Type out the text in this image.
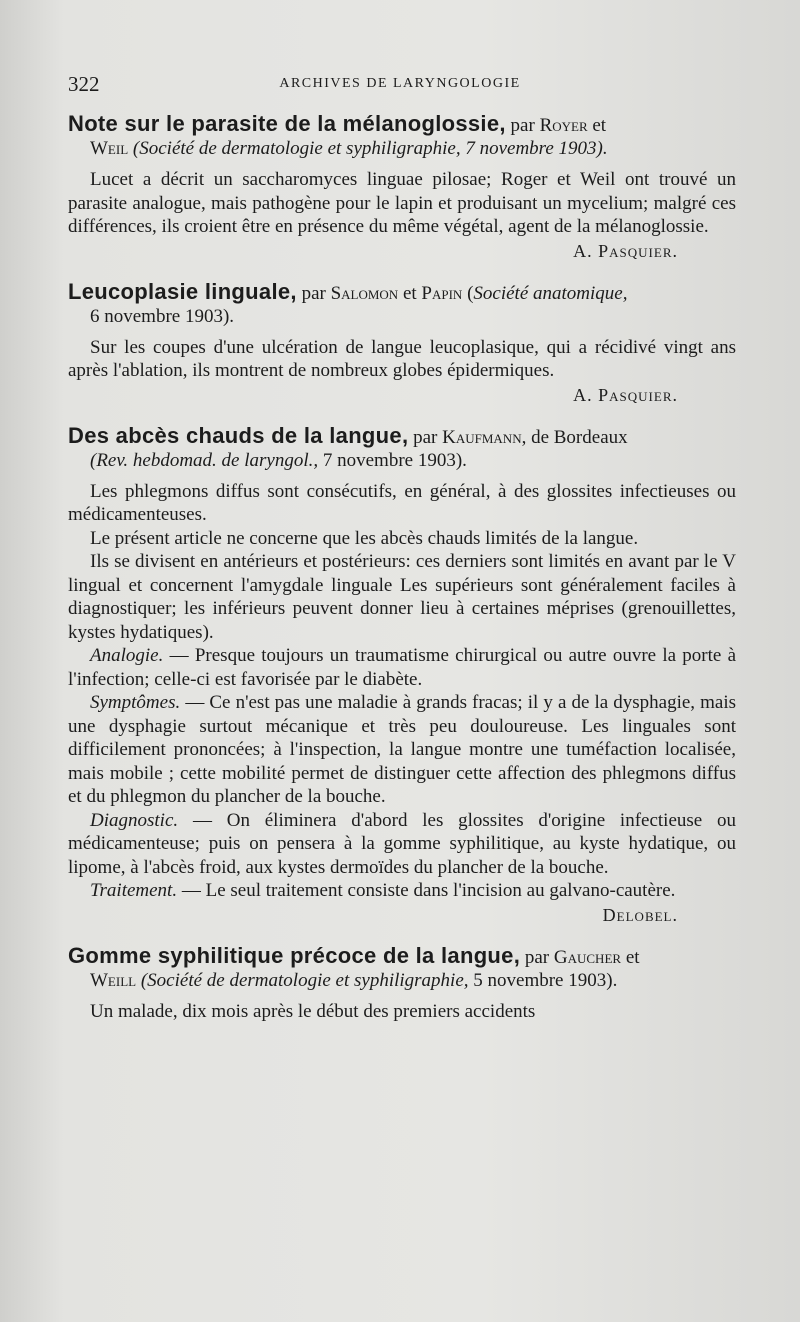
322	ARCHIVES DE LARYNGOLOGIE

Note sur le parasite de la mélanoglossie, par Royer et

Weil (Société de dermatologie et syphiligraphie, 7 novembre 1903).

Lucet a décrit un saccharomyces linguae pilosae; Roger et Weil ont trouvé un parasite analogue, mais pathogène pour le lapin et produisant un mycelium; malgré ces différences, ils croient être en présence du même végétal, agent de la mélanoglossie.

A. Pasquier.

Leucoplasie linguale, par Salomon et Papin (Société anatomique,

6 novembre 1903).

Sur les coupes d'une ulcération de langue leucoplasique, qui a récidivé vingt ans après l'ablation, ils montrent de nombreux globes épidermiques.

A. Pasquier.

Des abcès chauds de la langue, par Kaufmann, de Bordeaux

(Rev. hebdomad. de laryngol., 7 novembre 1903).

Les phlegmons diffus sont consécutifs, en général, à des glossites infectieuses ou médicamenteuses.

Le présent article ne concerne que les abcès chauds limités de la langue.

Ils se divisent en antérieurs et postérieurs: ces derniers sont limités en avant par le V lingual et concernent l'amygdale linguale Les supérieurs sont généralement faciles à diagnostiquer; les inférieurs peuvent donner lieu à certaines méprises (grenouillettes, kystes hydatiques).

Analogie. — Presque toujours un traumatisme chirurgical ou autre ouvre la porte à l'infection; celle-ci est favorisée par le diabète.

Symptômes. — Ce n'est pas une maladie à grands fracas; il y a de la dysphagie, mais une dysphagie surtout mécanique et très peu douloureuse. Les linguales sont difficilement prononcées; à l'inspection, la langue montre une tuméfaction localisée, mais mobile ; cette mobilité permet de distinguer cette affection des phlegmons diffus et du phlegmon du plancher de la bouche.

Diagnostic. — On éliminera d'abord les glossites d'origine infectieuse ou médicamenteuse; puis on pensera à la gomme syphilitique, au kyste hydatique, ou lipome, à l'abcès froid, aux kystes dermoïdes du plancher de la bouche.

Traitement. — Le seul traitement consiste dans l'incision au galvano-cautère.

Delobel.

Gomme syphilitique précoce de la langue, par Gaucher et

Weill (Société de dermatologie et syphiligraphie, 5 novembre 1903).

Un malade, dix mois après le début des premiers accidents
